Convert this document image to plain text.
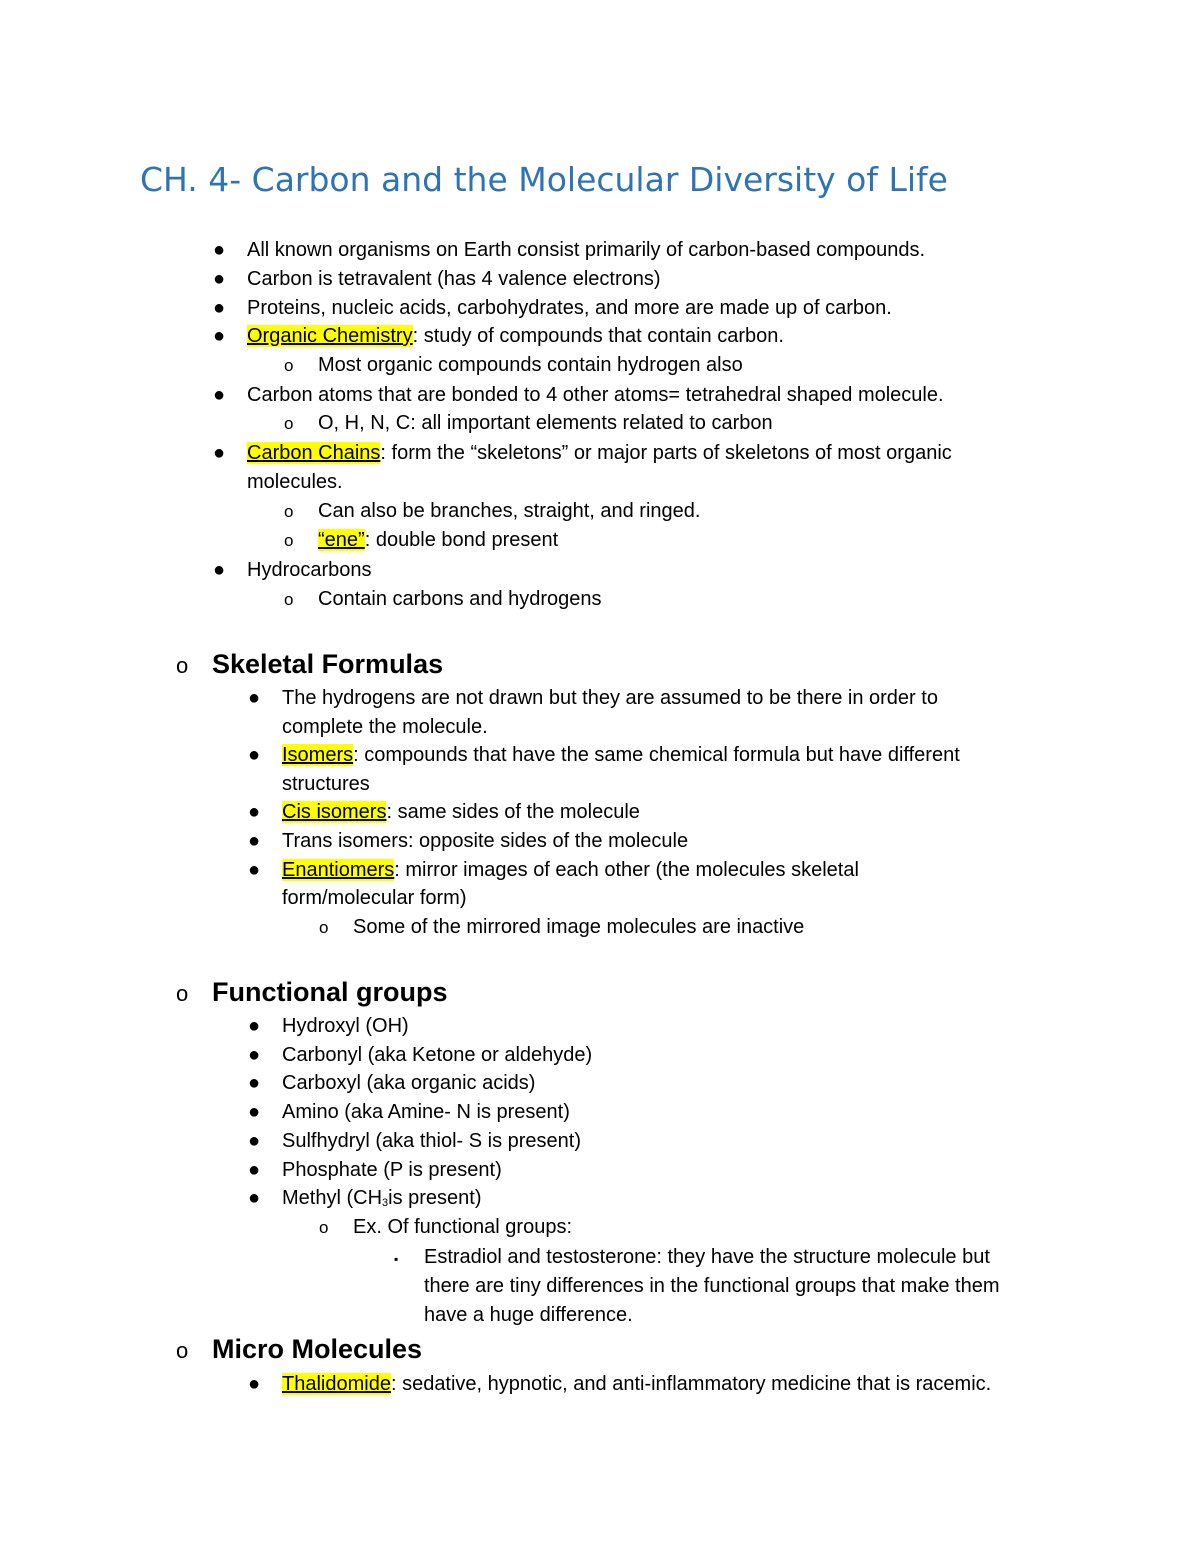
CH. 4- Carbon and the Molecular Diversity of Life
● All known organisms on Earth consist primarily of carbon-based compounds.
● Carbon is tetravalent (has 4 valence electrons)
● Proteins, nucleic acids, carbohydrates, and more are made up of carbon.
● Organic Chemistry: study of compounds that contain carbon.
o Most organic compounds contain hydrogen also
● Carbon atoms that are bonded to 4 other atoms= tetrahedral shaped molecule.
o O, H, N, C: all important elements related to carbon
● Carbon Chains: form the “skeletons” or major parts of skeletons of most organic
molecules.
o Can also be branches, straight, and ringed.
o “ene”: double bond present
● Hydrocarbons
o Contain carbons and hydrogens
o Skeletal Formulas
● The hydrogens are not drawn but they are assumed to be there in order to
complete the molecule.
● Isomers: compounds that have the same chemical formula but have different
structures
● Cis isomers: same sides of the molecule
● Trans isomers: opposite sides of the molecule
● Enantiomers: mirror images of each other (the molecules skeletal
form/molecular form)
o Some of the mirrored image molecules are inactive
o Functional groups
● Hydroxyl (OH)
● Carbonyl (aka Ketone or aldehyde)
● Carboxyl (aka organic acids)
● Amino (aka Amine- N is present)
● Sulfhydryl (aka thiol- S is present)
● Phosphate (P is present)
● Methyl ($CH_3is$ present)
o Ex. Of functional groups:
▪ Estradiol and testosterone: they have the structure molecule but
there are tiny differences in the functional groups that make them
have a huge difference.
o Micro Molecules
● Thalidomide: sedative, hypnotic, and anti-inflammatory medicine that is racemic.
